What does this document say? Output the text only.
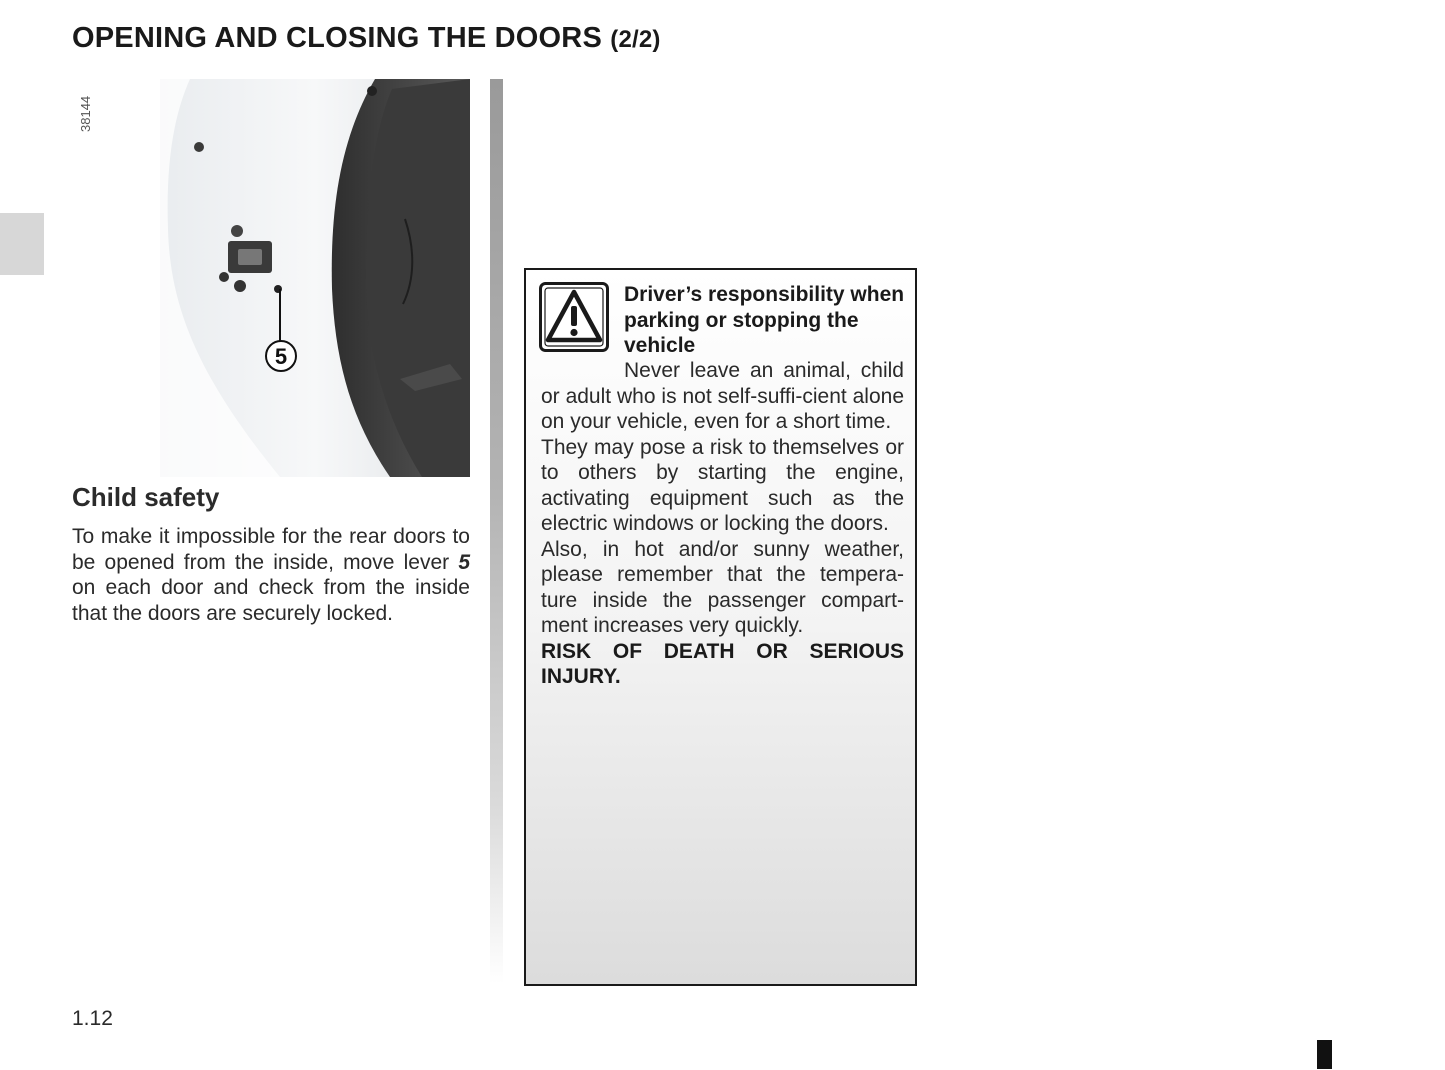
OPENING AND CLOSING THE DOORS (2/2)
38144
5
Child safety

To make it impossible for the rear doors to be opened from the inside, move lever 5 on each door and check from the inside that the doors are securely locked.

Driver’s responsibility when parking or stopping the vehicle

Never leave an animal, child or adult who is not self-suffi-cient alone on your vehicle, even for a short time.

They may pose a risk to themselves or to others by starting the engine, activating equipment such as the electric windows or locking the doors.

Also, in hot and/or sunny weather, please remember that the tempera-ture inside the passenger compart-ment increases very quickly.

RISK OF DEATH OR SERIOUS INJURY.

1.12
